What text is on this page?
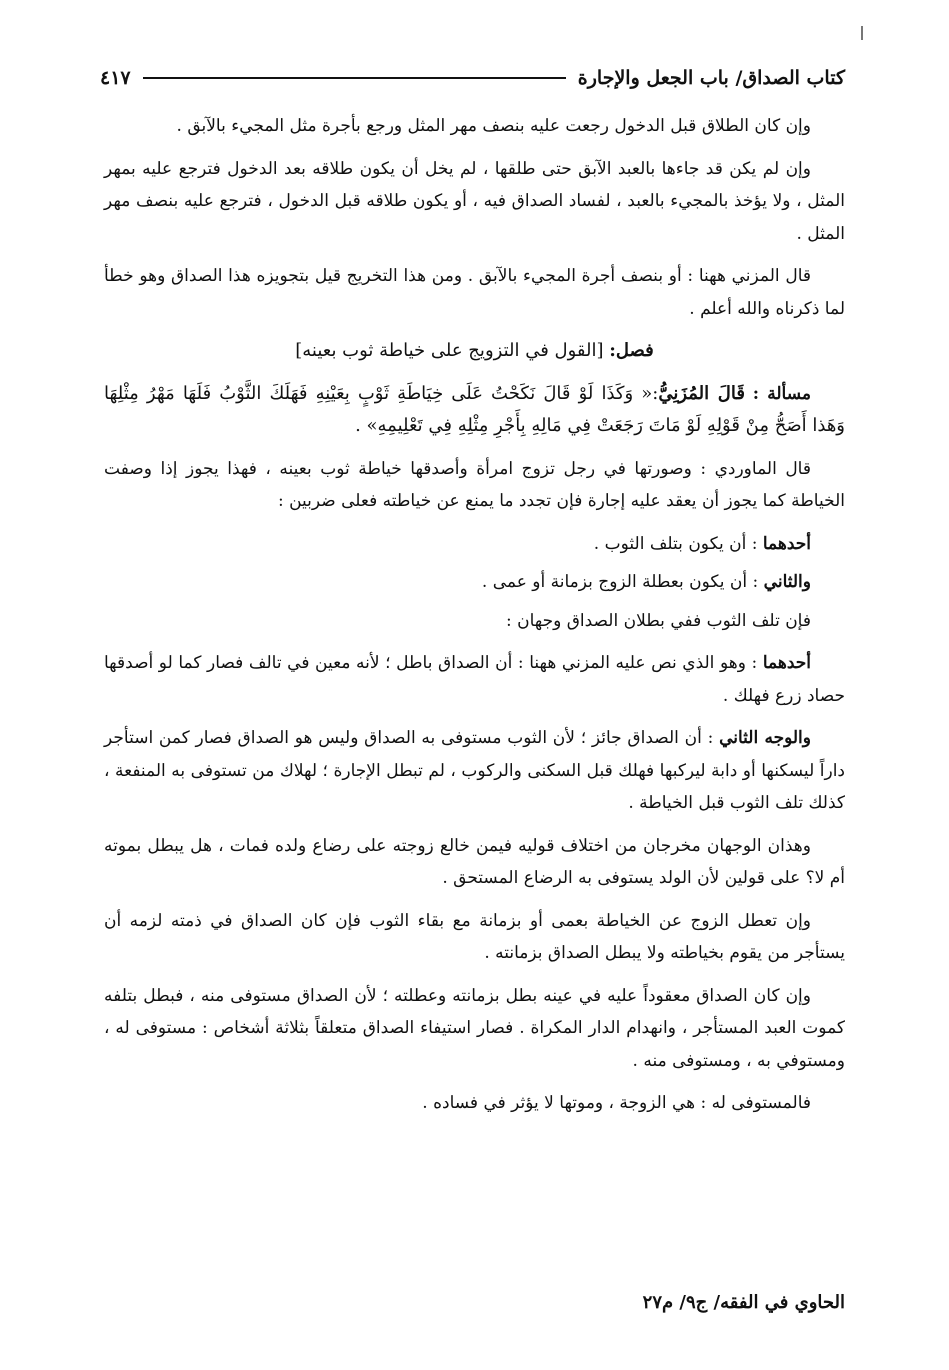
كتاب الصداق/ باب الجعل والإجارة
٤١٧

وإن كان الطلاق قبل الدخول رجعت عليه بنصف مهر المثل ورجع بأجرة مثل المجيء بالآبق .

وإن لم يكن قد جاءها بالعبد الآبق حتى طلقها ، لم يخل أن يكون طلاقه بعد الدخول فترجع عليه بمهر المثل ، ولا يؤخذ بالمجيء بالعبد ، لفساد الصداق فيه ، أو يكون طلاقه قبل الدخول ، فترجع عليه بنصف مهر المثل .

قال المزني ههنا : أو بنصف أجرة المجيء بالآبق . ومن هذا التخريج قيل بتجويزه هذا الصداق وهو خطأ لما ذكرناه والله أعلم .

فصل: [القول في التزويج على خياطة ثوب بعينه]

مسألة : قَالَ المُزَنِيُّ:« وَكَذَا لَوْ قَالَ نَكَحْتُ عَلَى خِيَاطَةِ ثَوْبٍ بِعَيْنِهِ فَهَلَكَ الثَّوْبُ فَلَهَا مَهْرُ مِثْلِهَا وَهَذا أَصَحُّ مِنْ قَوْلِهِ لَوْ مَاتَ رَجَعَتْ فِي مَالِهِ بِأَجْرِ مِثْلِهِ فِي تَعْلِيمِهِ» .

قال الماوردي : وصورتها في رجل تزوج امرأة وأصدقها خياطة ثوب بعينه ، فهذا يجوز إذا وصفت الخياطة كما يجوز أن يعقد عليه إجارة فإن تجدد ما يمنع عن خياطته فعلى ضربين :

أحدهما : أن يكون بتلف الثوب .

والثاني : أن يكون بعطلة الزوج بزمانة أو عمى .

فإن تلف الثوب ففي بطلان الصداق وجهان :

أحدهما : وهو الذي نص عليه المزني ههنا : أن الصداق باطل ؛ لأنه معين في تالف فصار كما لو أصدقها حصاد زرع فهلك .

والوجه الثاني : أن الصداق جائز ؛ لأن الثوب مستوفى به الصداق وليس هو الصداق فصار كمن استأجر داراً ليسكنها أو دابة ليركبها فهلك قبل السكنى والركوب ، لم تبطل الإجارة ؛ لهلاك من تستوفى به المنفعة ، كذلك تلف الثوب قبل الخياطة .

وهذان الوجهان مخرجان من اختلاف قوليه فيمن خالع زوجته على رضاع ولده فمات ، هل يبطل بموته أم لا؟ على قولين لأن الولد يستوفى به الرضاع المستحق .

وإن تعطل الزوج عن الخياطة بعمى أو بزمانة مع بقاء الثوب فإن كان الصداق في ذمته لزمه أن يستأجر من يقوم بخياطته ولا يبطل الصداق بزمانته .

وإن كان الصداق معقوداً عليه في عينه بطل بزمانته وعطلته ؛ لأن الصداق مستوفى منه ، فبطل بتلفه كموت العبد المستأجر ، وانهدام الدار المكراة . فصار استيفاء الصداق متعلقاً بثلاثة أشخاص : مستوفى له ، ومستوفي به ، ومستوفى منه .

فالمستوفى له : هي الزوجة ، وموتها لا يؤثر في فساده .

الحاوي في الفقه/ ج٩/ م٢٧
